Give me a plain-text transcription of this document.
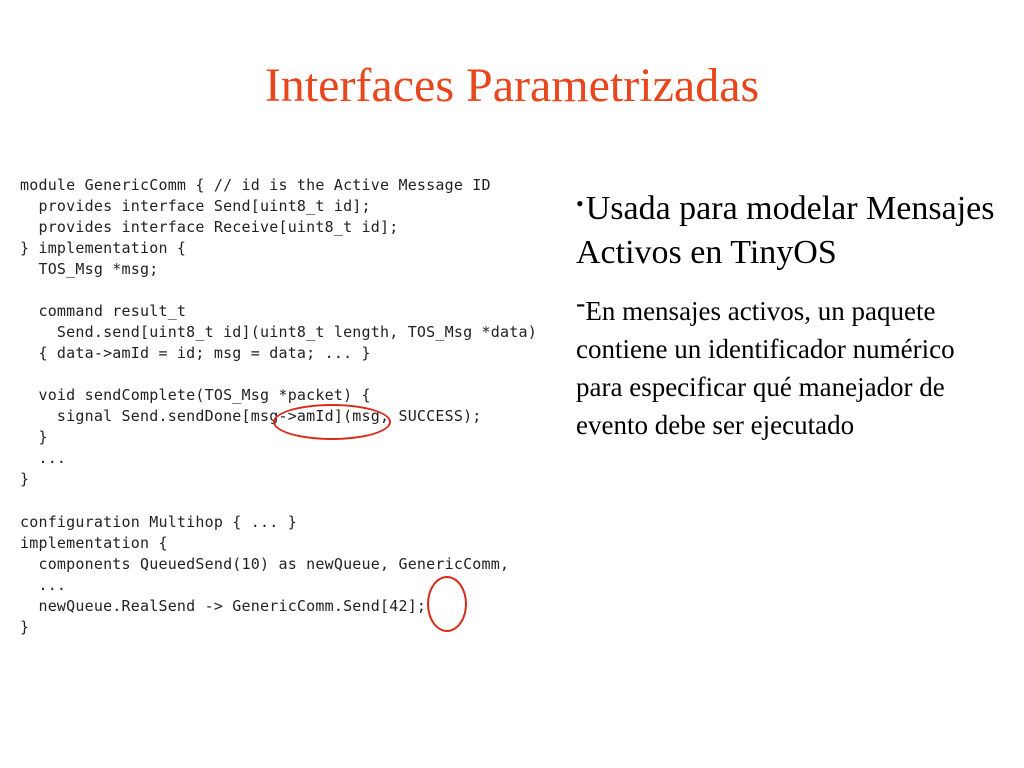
Interfaces Parametrizadas
module GenericComm { // id is the Active Message ID
provides interface Send[uint8_t id];
provides interface Receive[uint8_t id];
} implementation {
TOS_Msg *msg;
command result_t
Send.send[uint8_t id](uint8_t length, TOS_Msg *data)
{ data->amId = id; msg = data; ... }
void sendComplete(TOS_Msg *packet) {
signal Send.sendDone[msg->amId](msg, SUCCESS);
}
...
}
configuration Multihop { ... }
implementation {
components QueuedSend(10) as newQueue, GenericComm,
...
newQueue.RealSend -> GenericComm.Send[42];
}

•Usada para modelar Mensajes Activos en TinyOS

-En mensajes activos, un paquete contiene un identificador numérico para especificar qué manejador de evento debe ser ejecutado
